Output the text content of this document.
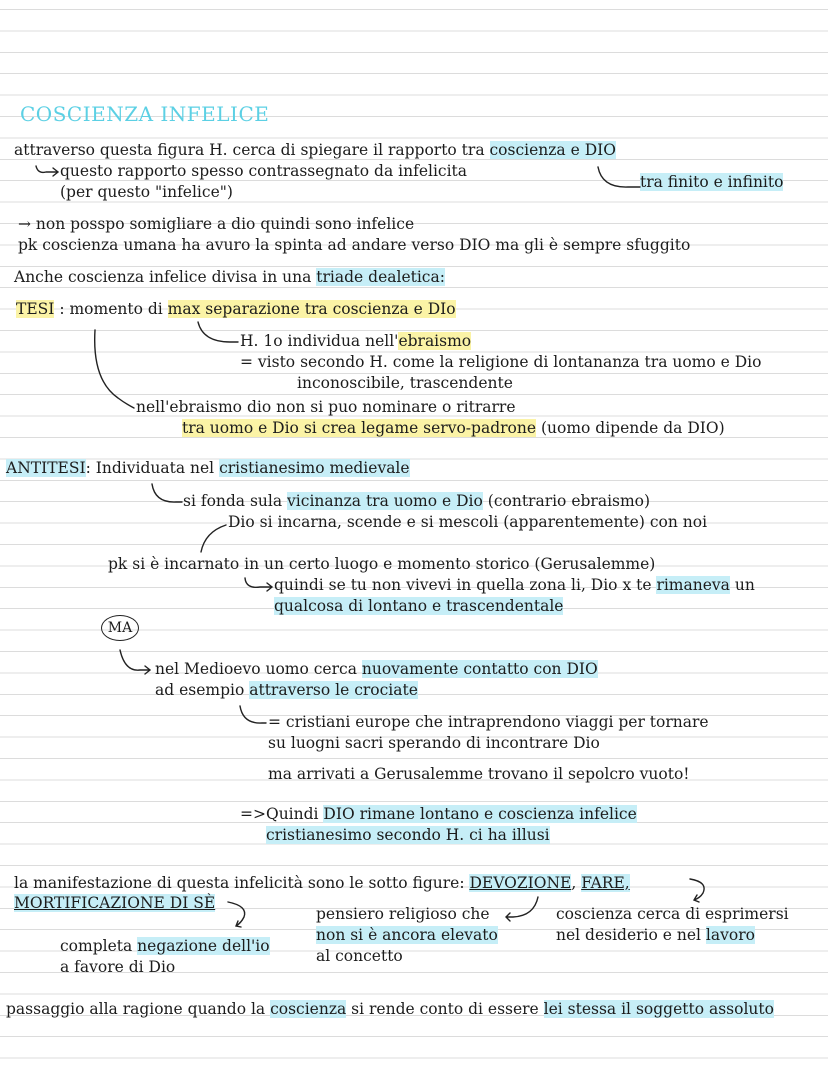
COSCIENZA INFELICE
attraverso questa figura H. cerca di spiegare il rapporto tra coscienza e DIO
questo rapporto spesso contrassegnato da infelicita
(per questo "infelice")
tra finito e infinito
→ non posspo somigliare a dio quindi sono infelice
pk coscienza umana ha avuro la spinta ad andare verso DIO ma gli è sempre sfuggito
Anche coscienza infelice divisa in una triade dealetica:
TESI : momento di max separazione tra coscienza e DIo
H. 1o individua nell'ebraismo
= visto secondo H. come la religione di lontananza tra uomo e Dio
inconoscibile, trascendente
nell'ebraismo dio non si puo nominare o ritrarre
tra uomo e Dio si crea legame servo-padrone (uomo dipende da DIO)
ANTITESI: Individuata nel cristianesimo medievale
si fonda sula vicinanza tra uomo e Dio (contrario ebraismo)
Dio si incarna, scende e si mescoli (apparentemente) con noi
pk si è incarnato in un certo luogo e momento storico (Gerusalemme)
quindi se tu non vivevi in quella zona li, Dio x te rimaneva un
qualcosa di lontano e trascendentale
MA
nel Medioevo uomo cerca nuovamente contatto con DIO
ad esempio attraverso le crociate
= cristiani europe che intraprendono viaggi per tornare
su luogni sacri sperando di incontrare Dio
ma arrivati a Gerusalemme trovano il sepolcro vuoto!
=>Quindi DIO rimane lontano e coscienza infelice
cristianesimo secondo H. ci ha illusi
la manifestazione di questa infelicità sono le sotto figure: DEVOZIONE, FARE,
MORTIFICAZIONE DI SÈ
pensiero religioso che
non si è ancora elevato
al concetto
coscienza cerca di esprimersi
nel desiderio e nel lavoro
completa negazione dell'io
a favore di Dio
passaggio alla ragione quando la coscienza si rende conto di essere lei stessa il soggetto assoluto
